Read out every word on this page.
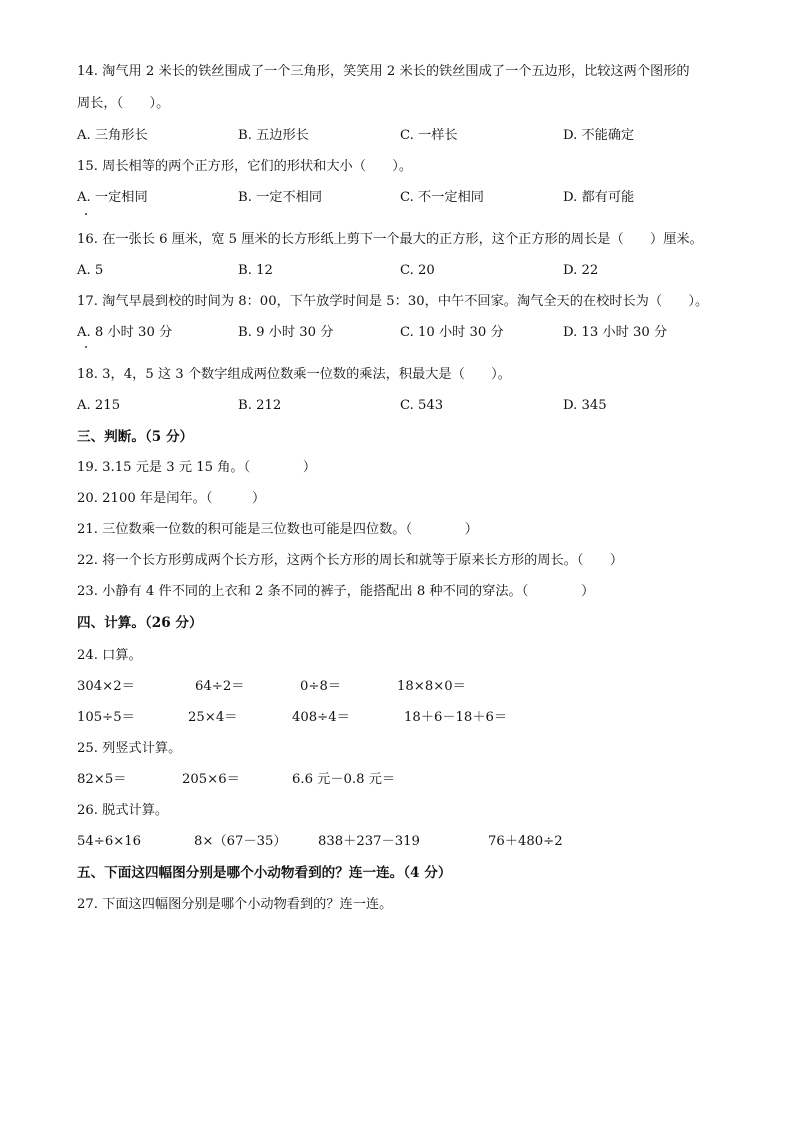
14. 淘气用 2 米长的铁丝围成了一个三角形，笑笑用 2 米长的铁丝围成了一个五边形，比较这两个图形的
周长，（　　）。
A. 三角形长	B. 五边形长	C. 一样长	D. 不能确定
15. 周长相等的两个正方形，它们的形状和大小（　　）。
A. 一定相同	B. 一定不相同	C. 不一定相同	D. 都有可能
16. 在一张长 6 厘米，宽 5 厘米的长方形纸上剪下一个最大的正方形，这个正方形的周长是（　　）厘米。
A. 5	B. 12	C. 20	D. 22
17. 淘气早晨到校的时间为 8：00，下午放学时间是 5：30，中午不回家。淘气全天的在校时长为（　　）。
A. 8 小时 30 分	B. 9 小时 30 分	C. 10 小时 30 分	D. 13 小时 30 分
18. 3，4，5 这 3 个数字组成两位数乘一位数的乘法，积最大是（　　）。
A. 215	B. 212	C. 543	D. 345
三、判断。（5 分）
19. 3.15 元是 3 元 15 角。（　　　　）
20. 2100 年是闰年。（　　　）
21. 三位数乘一位数的积可能是三位数也可能是四位数。（　　　　）
22. 将一个长方形剪成两个长方形，这两个长方形的周长和就等于原来长方形的周长。（　　）
23. 小静有 4 件不同的上衣和 2 条不同的裤子，能搭配出 8 种不同的穿法。（　　　　）
四、计算。（26 分）
24. 口算。
304×2＝	64÷2＝	0÷8＝	18×8×0＝
105÷5＝	25×4＝	408÷4＝	18＋6－18＋6＝
25. 列竖式计算。
82×5＝	205×6＝	6.6 元－0.8 元＝
26. 脱式计算。
54÷6×16	8×（67－35） 838＋237－319	76＋480÷2
五、下面这四幅图分别是哪个小动物看到的？连一连。（4 分）
27. 下面这四幅图分别是哪个小动物看到的？连一连。
